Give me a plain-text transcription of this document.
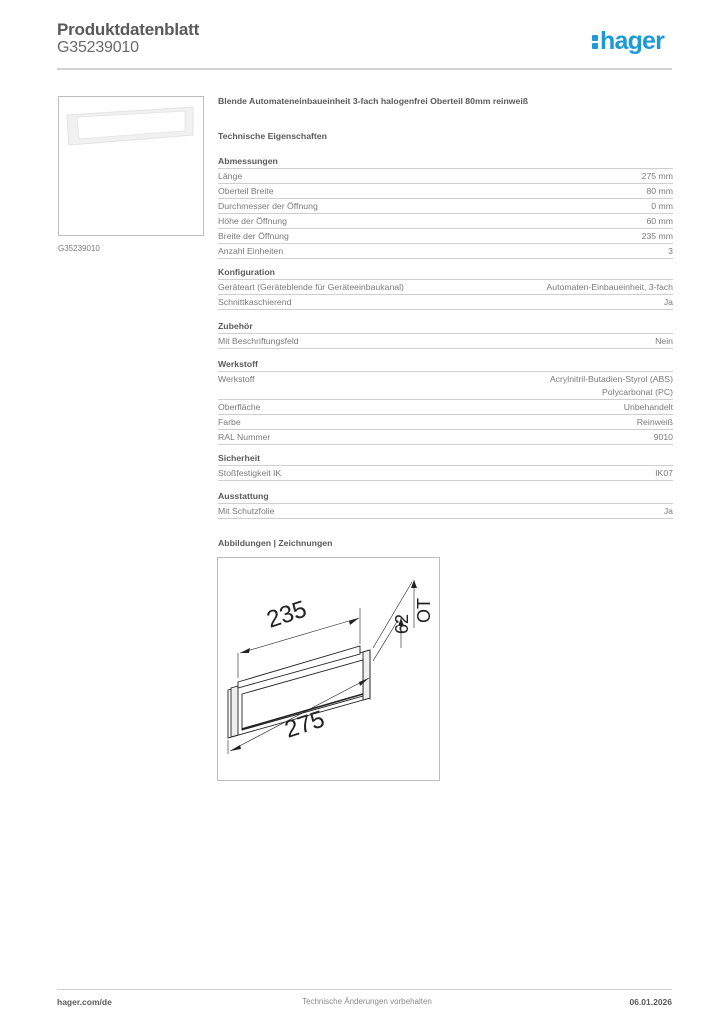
Produktdatenblatt
G35239010	hager
G35239010
Blende Automateneinbaueinheit 3-fach halogenfrei Oberteil 80mm reinweiß
Technische Eigenschaften
Abmessungen
Länge	275 mm
Oberteil Breite	80 mm
Durchmesser der Öffnung	0 mm
Höhe der Öffnung	60 mm
Breite der Öffnung	235 mm
Anzahl Einheiten	3
Konfiguration
Geräteart (Geräteblende für Geräteeinbaukanal)	Automaten-Einbaueinheit, 3-fach
Schnittkaschierend	Ja
Zubehör
Mit Beschriftungsfeld	Nein
Werkstoff
Werkstoff	Acrylnitril-Butadien-Styrol (ABS)
Polycarbonat (PC)
Oberfläche	Unbehandelt
Farbe	Reinweiß
RAL Nummer	9010
Sicherheit
Stoßfestigkeit IK	IK07
Ausstattung
Mit Schutzfolie	Ja
Abbildungen | Zeichnungen
235
275
62
OT
hager.com/de	Technische Änderungen vorbehalten	06.01.2026
